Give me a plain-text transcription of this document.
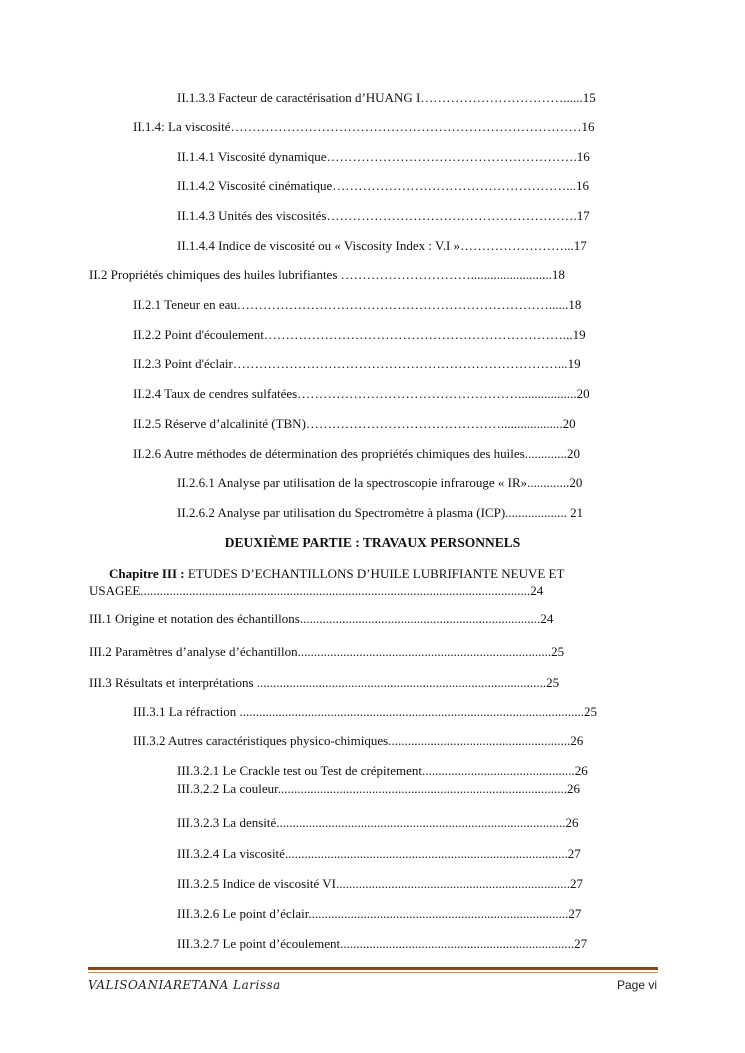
II.1.3.3 Facteur de caractérisation d’HUANG I……………………………......15
II.1.4: La viscosité………………………………………………………………………16
II.1.4.1 Viscosité dynamique………………………………………………….16
II.1.4.2 Viscosité cinématique………………………………………………...16
II.1.4.3 Unités des viscosités………………………………………………….17
II.1.4.4 Indice de viscosité ou « Viscosity Index : V.I »……………………...17
II.2 Propriétés chimiques des huiles lubrifiantes ………………………….........................18
II.2.1 Teneur en eau………………………………………………………………......18
II.2.2 Point d'écoulement……………………………………………………………...19
II.2.3 Point d'éclair…………………………………………………………………...19
II.2.4 Taux de cendres sulfatées……………………………………………..................20
II.2.5 Réserve d’alcalinité (TBN)………………………………………...................20
II.2.6 Autre méthodes de détermination des propriétés chimiques des huiles.............20
II.2.6.1 Analyse par utilisation de la spectroscopie infrarouge « IR».............20
II.2.6.2 Analyse par utilisation du Spectromètre à plasma (ICP)................... 21
DEUXIÈME PARTIE : TRAVAUX PERSONNELS
Chapitre III : ETUDES D’ECHANTILLONS D’HUILE LUBRIFIANTE NEUVE ET
USAGEE........................................................................................................................24
III.1 Origine et notation des échantillons..........................................................................24
III.2 Paramètres d’analyse d’échantillon..............................................................................25
III.3 Résultats et interprétations .........................................................................................25
III.3.1 La réfraction ..........................................................................................................25
III.3.2 Autres caractéristiques physico-chimiques........................................................26
III.3.2.1 Le Crackle test ou Test de crépitement...............................................26
III.3.2.2 La couleur.........................................................................................26
III.3.2.3 La densité.........................................................................................26
III.3.2.4 La viscosité.......................................................................................27
III.3.2.5 Indice de viscosité VI........................................................................27
III.3.2.6 Le point d’éclair................................................................................27
III.3.2.7 Le point d’écoulement........................................................................27
VALISOANIARETANA Larissa	Page vi
